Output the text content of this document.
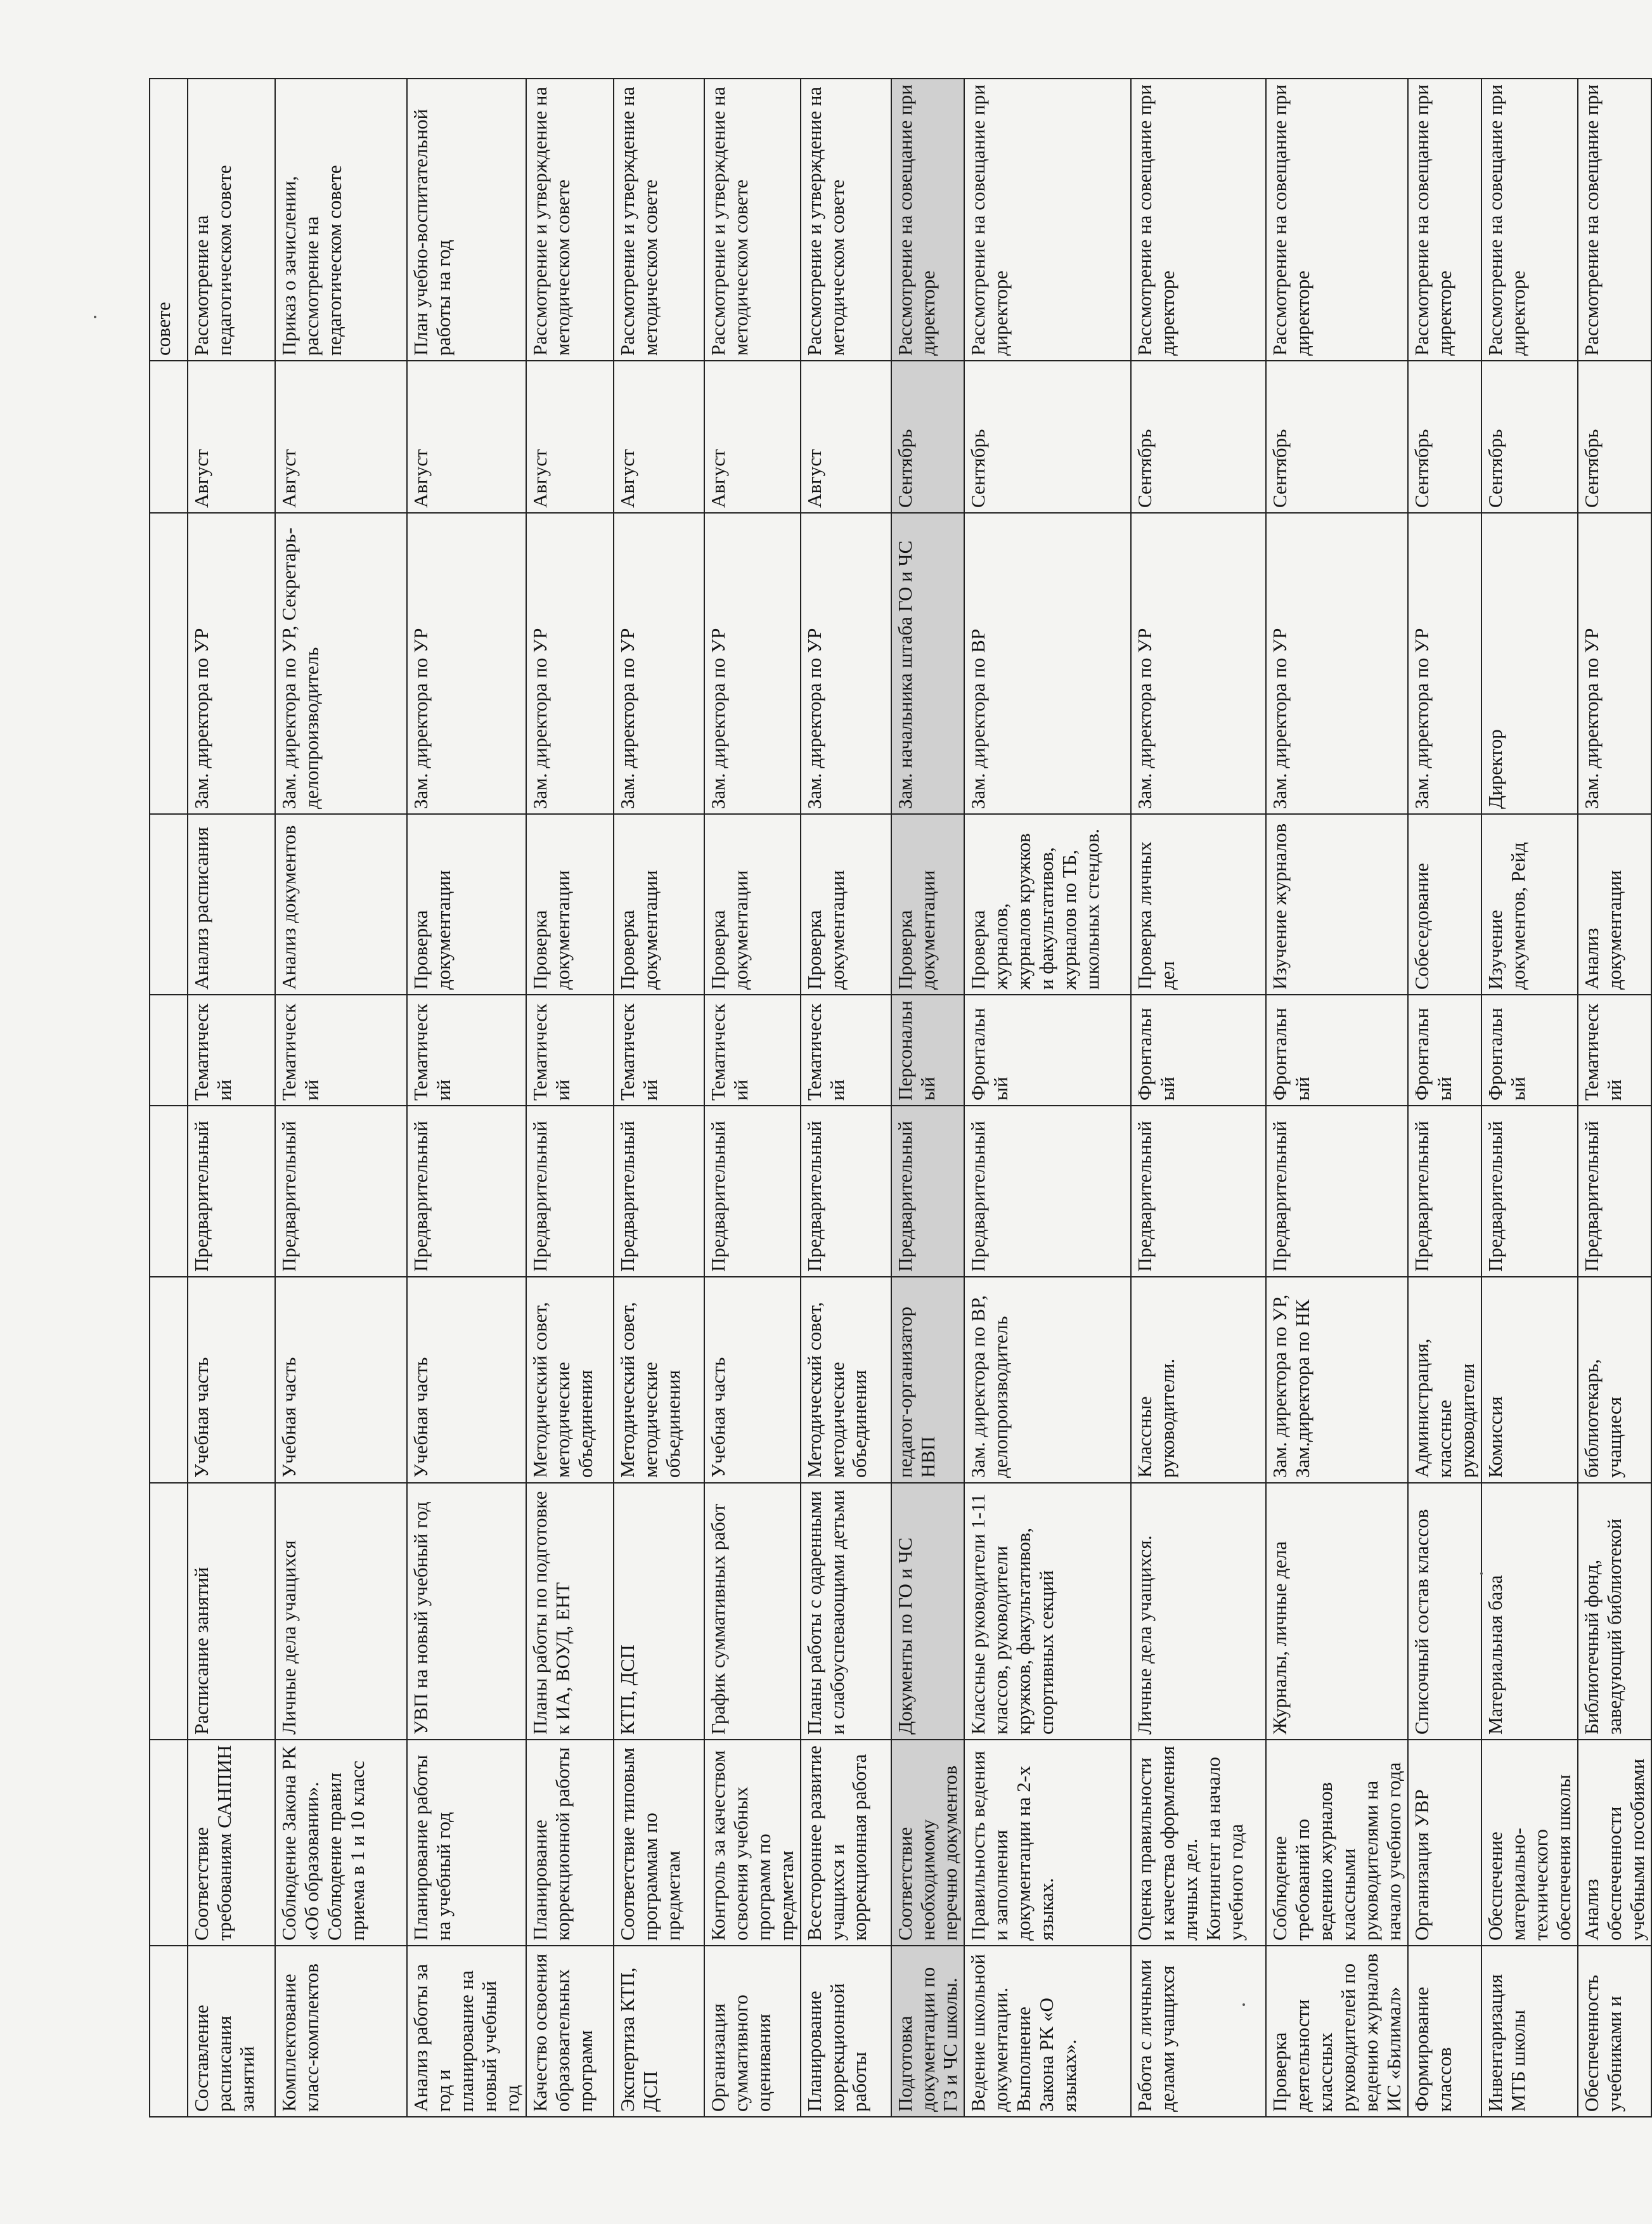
									совете
Составление расписания занятий	Соответствие требованиям САНПИН	Расписание занятий	Учебная часть	Предварительный	Тематический	Анализ расписания	Зам. директора по УР	Август	Рассмотрение на педагогическом совете
Комплектование класс-комплектов	Соблюдение Закона РК «Об образовании». Соблюдение правил приема в 1 и 10 класс	Личные дела учащихся	Учебная часть	Предварительный	Тематический	Анализ документов	Зам. директора по УР, Секретарь-делопроизводитель	Август	Приказ о зачислении, рассмотрение на педагогическом совете
Анализ работы за год и планирование на новый учебный год	Планирование работы на учебный год	УВП на новый учебный год	Учебная часть	Предварительный	Тематический	Проверка документации	Зам. директора по УР	Август	План учебно-воспитательной работы на год
Качество освоения образовательных программ	Планирование коррекционной работы	Планы работы по подготовке к ИА, ВОУД, ЕНТ	Методический совет, методические объединения	Предварительный	Тематический	Проверка документации	Зам. директора по УР	Август	Рассмотрение и утверждение на методическом совете
Экспертиза КТП, ДСП	Соответствие типовым программам по предметам	КТП, ДСП	Методический совет, методические объединения	Предварительный	Тематический	Проверка документации	Зам. директора по УР	Август	Рассмотрение и утверждение на методическом совете
Организация суммативного оценивания	Контроль за качеством освоения учебных программ по предметам	График суммативных работ	Учебная часть	Предварительный	Тематический	Проверка документации	Зам. директора по УР	Август	Рассмотрение и утверждение на методическом совете
Планирование коррекционной работы	Всестороннее развитие учащихся и коррекционная работа	Планы работы с одаренными и слабоуспевающими детьми	Методический совет, методические объединения	Предварительный	Тематический	Проверка документации	Зам. директора по УР	Август	Рассмотрение и утверждение на методическом совете
Подготовка документации по ГЗ и ЧС школы.	Соответствие необходимому перечню документов	Документы по ГО и ЧС	педагог-организатор НВП	Предварительный	Персональный	Проверка документации	Зам. начальника штаба ГО и ЧС	Сентябрь	Рассмотрение на совещание при директоре
Ведение школьной документации. Выполнение Закона РК «О языках».	Правильность ведения и заполнения документации на 2-х языках.	Классные руководители 1-11 классов, руководители кружков, факультативов, спортивных секций	Зам. директора по ВР, делопроизводитель	Предварительный	Фронтальный	Проверка журналов, журналов кружков и факультативов, журналов по ТБ, школьных стендов.	Зам. директора по ВР	Сентябрь	Рассмотрение на совещание при директоре
Работа с личными делами учащихся	Оценка правильности и качества оформления личных дел. Контингент на начало учебного года	Личные дела учащихся.	Классные руководители.	Предварительный	Фронтальный	Проверка личных дел	Зам. директора по УР	Сентябрь	Рассмотрение на совещание при директоре
Проверка деятельности классных руководителей по ведению журналов ИС «Билимал»	Соблюдение требований по ведению журналов классными руководителями на начало учебного года	Журналы, личные дела	Зам. директора по УР, Зам.директора по НК	Предварительный	Фронтальный	Изучение журналов	Зам. директора по УР	Сентябрь	Рассмотрение на совещание при директоре
Формирование классов	Организация УВР	Списочный состав классов	Администрация, классные руководители	Предварительный	Фронтальный	Собеседование	Зам. директора по УР	Сентябрь	Рассмотрение на совещание при директоре
Инвентаризация МТБ школы	Обеспечение материально-технического обеспечения школы	Материальная база	Комиссия	Предварительный	Фронтальный	Изучение документов, Рейд	Директор	Сентябрь	Рассмотрение на совещание при директоре
Обеспеченность учебниками и	Анализ обеспеченности учебными пособиями	Библиотечный фонд, заведующий библиотекой	библиотекарь, учащиеся	Предварительный	Тематический	Анализ документации	Зам. директора по УР	Сентябрь	Рассмотрение на совещание при
